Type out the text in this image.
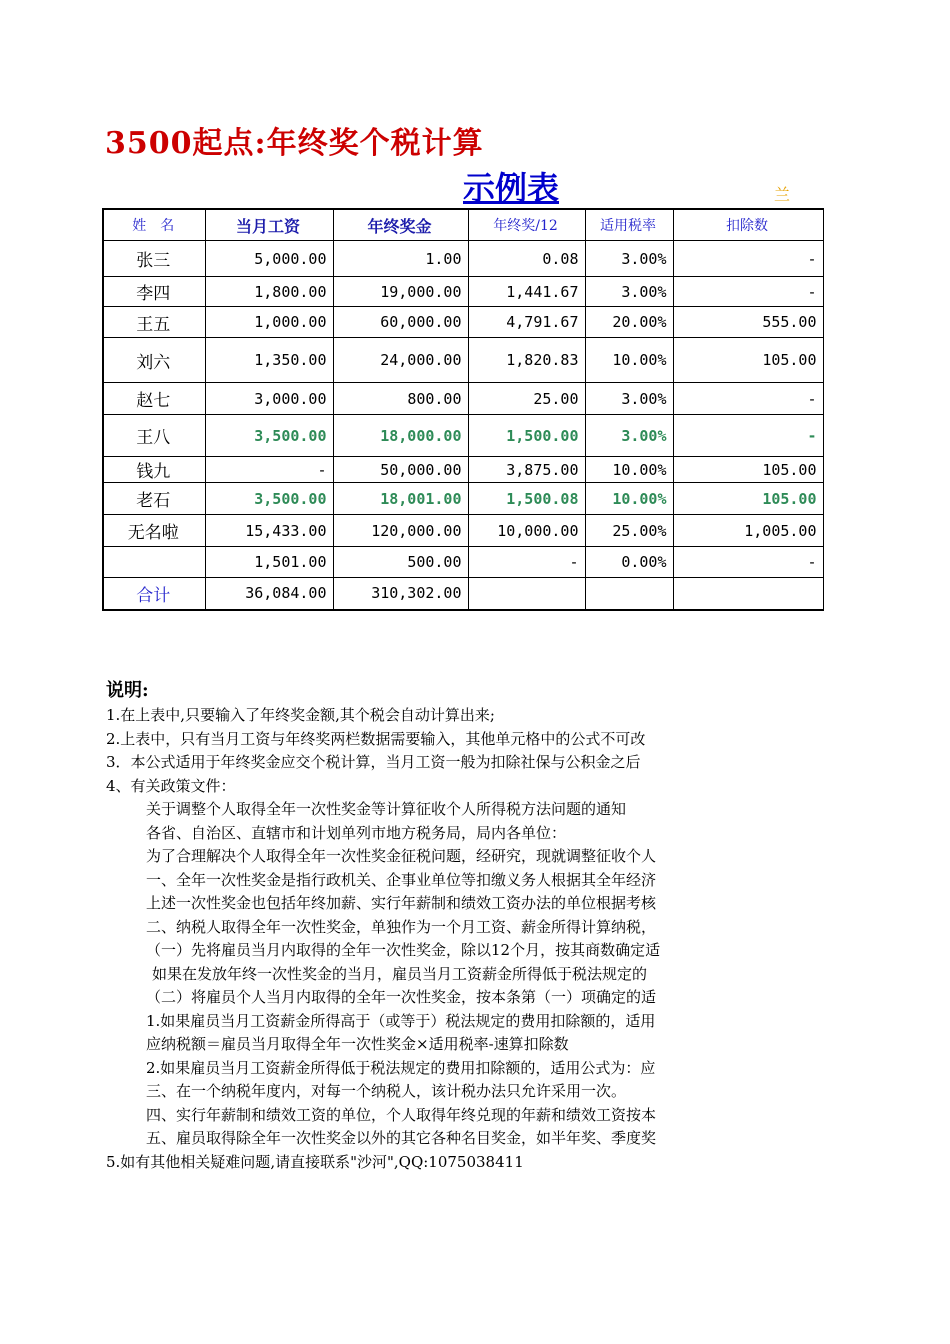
3500起点:年终奖个税计算
示例表	兰
姓　名	当月工资	年终奖金	年终奖/12	适用税率	扣除数
张三	5,000.00	1.00	0.08	3.00%	-
李四	1,800.00	19,000.00	1,441.67	3.00%	-
王五	1,000.00	60,000.00	4,791.67	20.00%	555.00
刘六	1,350.00	24,000.00	1,820.83	10.00%	105.00
赵七	3,000.00	800.00	25.00	3.00%	-
王八	3,500.00	18,000.00	1,500.00	3.00%	-
钱九	-	50,000.00	3,875.00	10.00%	105.00
老石	3,500.00	18,001.00	1,500.08	10.00%	105.00
无名啦	15,433.00	120,000.00	10,000.00	25.00%	1,005.00
	1,501.00	500.00	-	0.00%	-
合计	36,084.00	310,302.00			
说明:
1.在上表中,只要输入了年终奖金额,其个税会自动计算出来;
2.上表中，只有当月工资与年终奖两栏数据需要输入，其他单元格中的公式不可改
3．本公式适用于年终奖金应交个税计算，当月工资一般为扣除社保与公积金之后
4、有关政策文件：
关于调整个人取得全年一次性奖金等计算征收个人所得税方法问题的通知
各省、自治区、直辖市和计划单列市地方税务局，局内各单位：
为了合理解决个人取得全年一次性奖金征税问题，经研究，现就调整征收个人
一、全年一次性奖金是指行政机关、企事业单位等扣缴义务人根据其全年经济
上述一次性奖金也包括年终加薪、实行年薪制和绩效工资办法的单位根据考核
二、纳税人取得全年一次性奖金，单独作为一个月工资、薪金所得计算纳税，
（一）先将雇员当月内取得的全年一次性奖金，除以12个月，按其商数确定适
如果在发放年终一次性奖金的当月，雇员当月工资薪金所得低于税法规定的
（二）将雇员个人当月内取得的全年一次性奖金，按本条第（一）项确定的适
1.如果雇员当月工资薪金所得高于（或等于）税法规定的费用扣除额的，适用
应纳税额＝雇员当月取得全年一次性奖金×适用税率-速算扣除数
2.如果雇员当月工资薪金所得低于税法规定的费用扣除额的，适用公式为：应
三、在一个纳税年度内，对每一个纳税人，该计税办法只允许采用一次。
四、实行年薪制和绩效工资的单位，个人取得年终兑现的年薪和绩效工资按本
五、雇员取得除全年一次性奖金以外的其它各种名目奖金，如半年奖、季度奖
5.如有其他相关疑难问题,请直接联系"沙河",QQ:1075038411
